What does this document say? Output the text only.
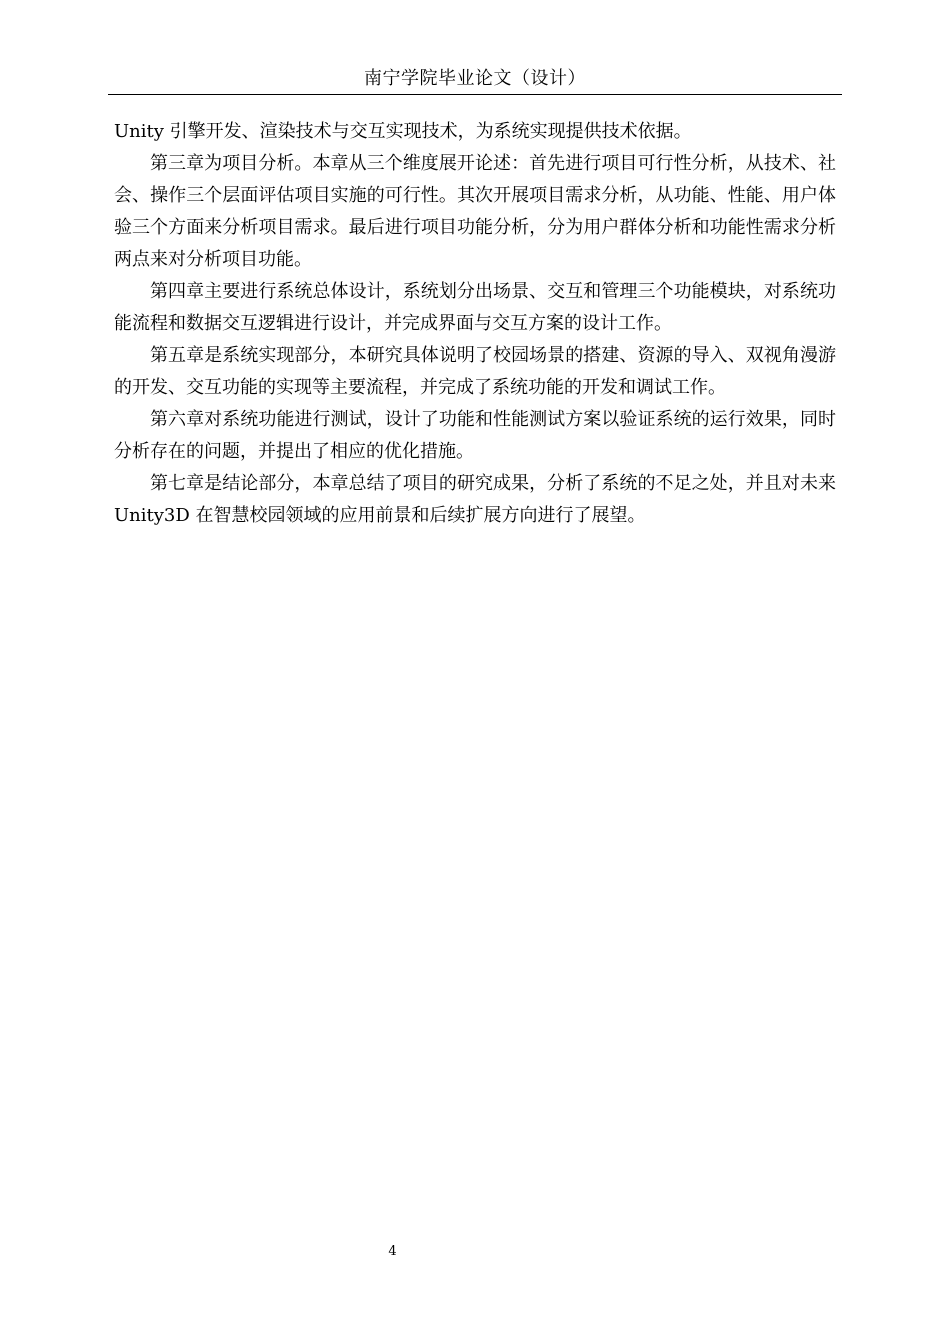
南宁学院毕业论文（设计）

Unity 引擎开发、渲染技术与交互实现技术，为系统实现提供技术依据。

第三章为项目分析。本章从三个维度展开论述：首先进行项目可行性分析，从技术、社会、操作三个层面评估项目实施的可行性。其次开展项目需求分析，从功能、性能、用户体验三个方面来分析项目需求。最后进行项目功能分析，分为用户群体分析和功能性需求分析两点来对分析项目功能。

第四章主要进行系统总体设计，系统划分出场景、交互和管理三个功能模块，对系统功能流程和数据交互逻辑进行设计，并完成界面与交互方案的设计工作。

第五章是系统实现部分，本研究具体说明了校园场景的搭建、资源的导入、双视角漫游的开发、交互功能的实现等主要流程，并完成了系统功能的开发和调试工作。

第六章对系统功能进行测试，设计了功能和性能测试方案以验证系统的运行效果，同时分析存在的问题，并提出了相应的优化措施。

第七章是结论部分，本章总结了项目的研究成果，分析了系统的不足之处，并且对未来 Unity3D 在智慧校园领域的应用前景和后续扩展方向进行了展望。

4
